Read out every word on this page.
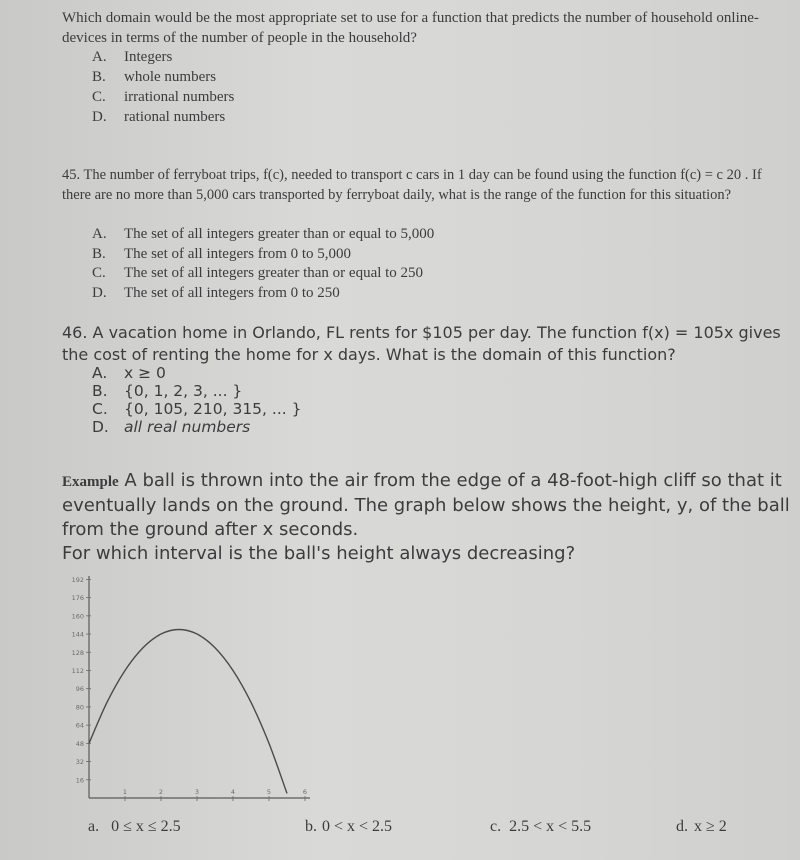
Which domain would be the most appropriate set to use for a function that predicts the number of household online-devices in terms of the number of people in the household?
A.	Integers
B.	whole numbers
C.	irrational numbers
D.	rational numbers
45. The number of ferryboat trips, f(c), needed to transport c cars in 1 day can be found using the function f(c) = c 20 . If there are no more than 5,000 cars transported by ferryboat daily, what is the range of the function for this situation?
A.	The set of all integers greater than or equal to 5,000
B.	The set of all integers from 0 to 5,000
C.	The set of all integers greater than or equal to 250
D.	The set of all integers from 0 to 250
46. A vacation home in Orlando, FL rents for $105 per day. The function f(x) = 105x gives the cost of renting the home for x days. What is the domain of this function?
A.	x ≥ 0
B.	{0, 1, 2, 3, ... }
C.	{0, 105, 210, 315, ... }
D. all real numbers
Example A ball is thrown into the air from the edge of a 48-foot-high cliff so that it eventually lands on the ground. The graph below shows the height, y, of the ball from the ground after x seconds.
For which interval is the ball's height always decreasing?
16
32
48
64
80
96
112
128
144
160
176
192
1	2	3	4	5	6
a. 0 ≤ x ≤ 2.5	b. 0 < x < 2.5	c. 2.5 < x < 5.5	d. x ≥ 2
